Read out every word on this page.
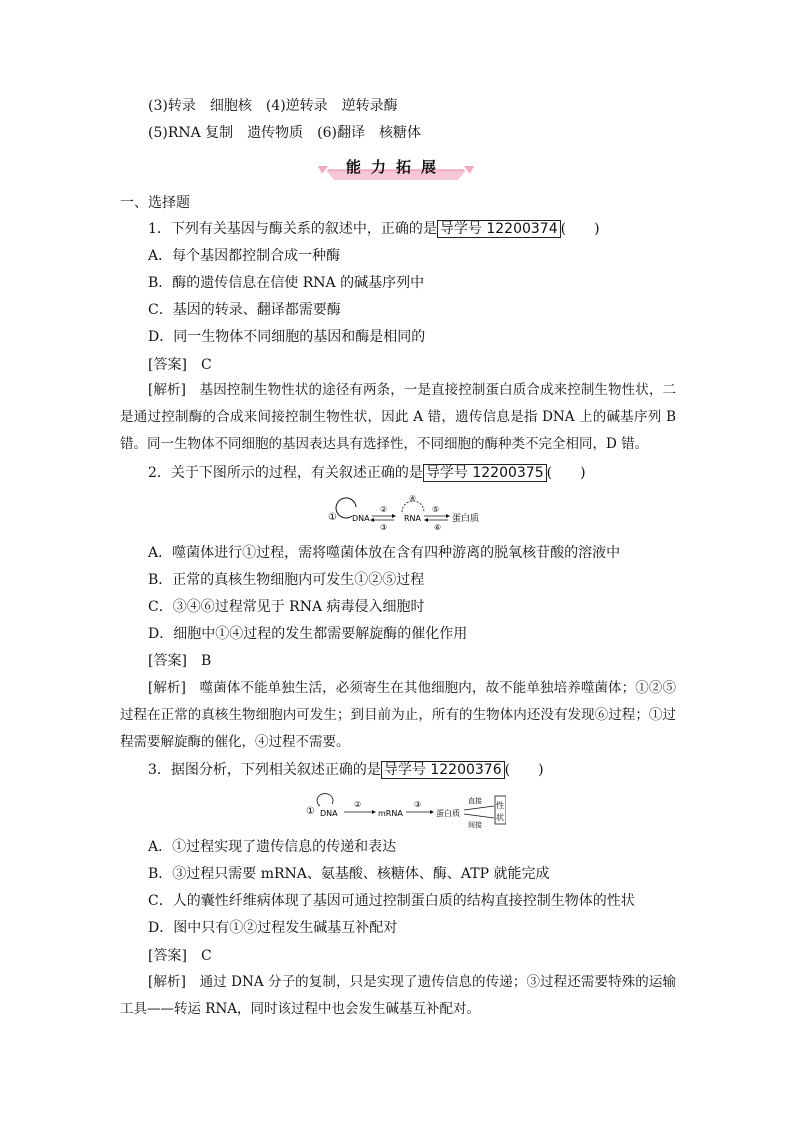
(3)转录　细胞核　(4)逆转录　逆转录酶
(5)RNA 复制　遗传物质　(6)翻译　核糖体
能力拓展
一、选择题
1．下列有关基因与酶关系的叙述中，正确的是 导学号 12200374 (　　)
A．每个基因都控制合成一种酶
B．酶的遗传信息在信使 RNA 的碱基序列中
C．基因的转录、翻译都需要酶
D．同一生物体不同细胞的基因和酶是相同的
[答案]　 C
[解析]　 基因控制生物性状的途径有两条，一是直接控制蛋白质合成来控制生物性状，二是通过控制酶的合成来间接控制生物性状，因此 A 错，遗传信息是指 DNA 上的碱基序列 B 错。同一生物体不同细胞的基因表达具有选择性，不同细胞的酶种类不完全相同，D 错。
2．关于下图所示的过程，有关叙述正确的是 导学号 12200375 (　　)
① DNA
②
③
④
RNA
⑤
⑥
蛋白质
A．噬菌体进行①过程，需将噬菌体放在含有四种游离的脱氧核苷酸的溶液中
B．正常的真核生物细胞内可发生①②⑤过程
C．③④⑥过程常见于 RNA 病毒侵入细胞时
D．细胞中①④过程的发生都需要解旋酶的催化作用
[答案]　 B
[解析]　 噬菌体不能单独生活，必须寄生在其他细胞内，故不能单独培养噬菌体；①②⑤过程在正常的真核生物细胞内可发生；到目前为止，所有的生物体内还没有发现⑥过程；①过程需要解旋酶的催化，④过程不需要。
3．据图分析，下列相关叙述正确的是 导学号 12200376 (　　)
① DNA
②
mRNA
③
蛋白质
直接
间接
性
状
A．①过程实现了遗传信息的传递和表达
B．③过程只需要 mRNA、氨基酸、核糖体、酶、ATP 就能完成
C．人的囊性纤维病体现了基因可通过控制蛋白质的结构直接控制生物体的性状
D．图中只有①②过程发生碱基互补配对
[答案]　 C
[解析]　 通过 DNA 分子的复制，只是实现了遗传信息的传递；③过程还需要特殊的运输工具——转运 RNA，同时该过程中也会发生碱基互补配对。
